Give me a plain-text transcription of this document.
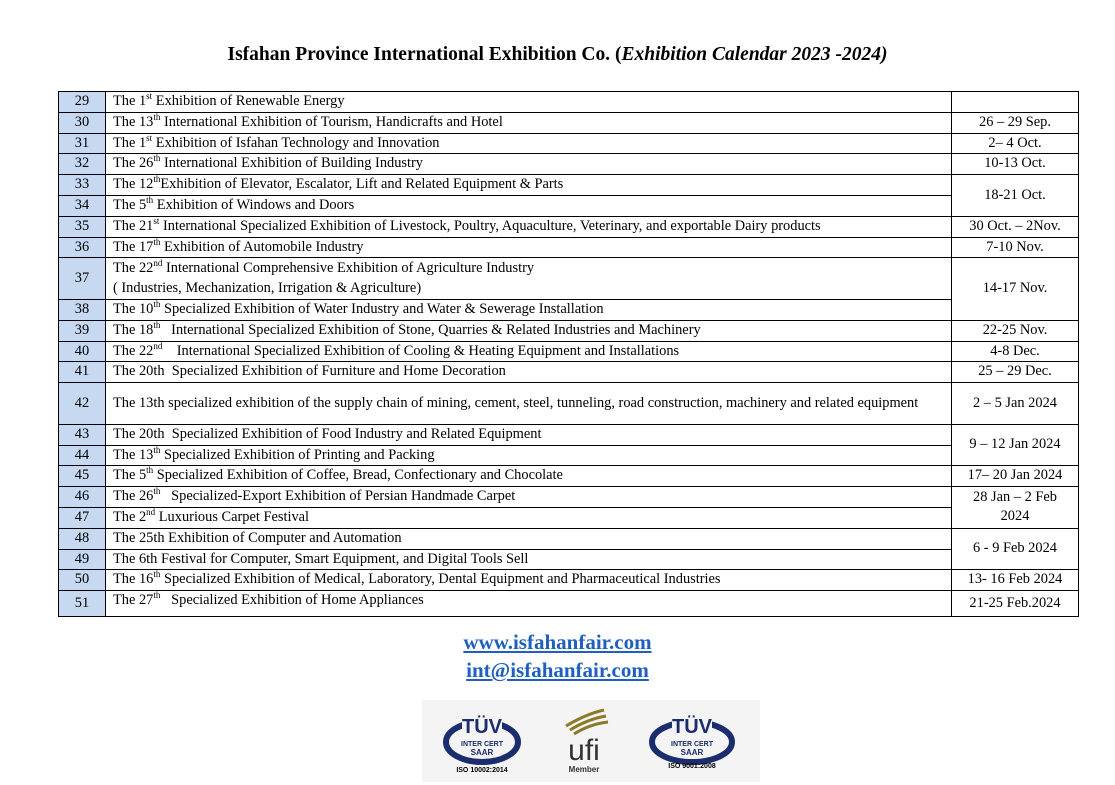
Isfahan Province International Exhibition Co. (Exhibition Calendar 2023 -2024)
29	The 1st Exhibition of Renewable Energy	
30	The 13th International Exhibition of Tourism, Handicrafts and Hotel	26 – 29 Sep.
31	The 1st Exhibition of Isfahan Technology and Innovation	2– 4 Oct.
32	The 26th International Exhibition of Building Industry	10-13 Oct.
33	The 12thExhibition of Elevator, Escalator, Lift and Related Equipment & Parts	18-21 Oct.
34	The 5th Exhibition of Windows and Doors	
35	The 21st International Specialized Exhibition of Livestock, Poultry, Aquaculture, Veterinary, and exportable Dairy products	30 Oct. – 2Nov.
36	The 17th Exhibition of Automobile Industry	7-10 Nov.
37	The 22nd International Comprehensive Exhibition of Agriculture Industry
( Industries, Mechanization, Irrigation & Agriculture)	14-17 Nov.
38	The 10th Specialized Exhibition of Water Industry and Water & Sewerage Installation	
39	The 18th   International Specialized Exhibition of Stone, Quarries & Related Industries and Machinery	22-25 Nov.
40	The 22nd    International Specialized Exhibition of Cooling & Heating Equipment and Installations	4-8 Dec.
41	The 20th  Specialized Exhibition of Furniture and Home Decoration	25 – 29 Dec.
42	The 13th specialized exhibition of the supply chain of mining, cement, steel, tunneling, road construction, machinery and related equipment	2 – 5 Jan 2024
43	The 20th  Specialized Exhibition of Food Industry and Related Equipment	9 – 12 Jan 2024
44	The 13th Specialized Exhibition of Printing and Packing	
45	The 5th Specialized Exhibition of Coffee, Bread, Confectionary and Chocolate	17– 20 Jan 2024
46	The 26th   Specialized-Export Exhibition of Persian Handmade Carpet	28 Jan – 2 Feb
2024
47	The 2nd Luxurious Carpet Festival	
48	The 25th Exhibition of Computer and Automation	6 - 9 Feb 2024
49	The 6th Festival for Computer, Smart Equipment, and Digital Tools Sell	
50	The 16th Specialized Exhibition of Medical, Laboratory, Dental Equipment and Pharmaceutical Industries	13- 16 Feb 2024
51	The 27th   Specialized Exhibition of Home Appliances	21-25 Feb.2024
www.isfahanfair.com
int@isfahanfair.com
TÜV
INTER CERT
SAAR
ISO 10002:2014
ufi
Member
TÜV
INTER CERT
SAAR
ISO 9001:2008
